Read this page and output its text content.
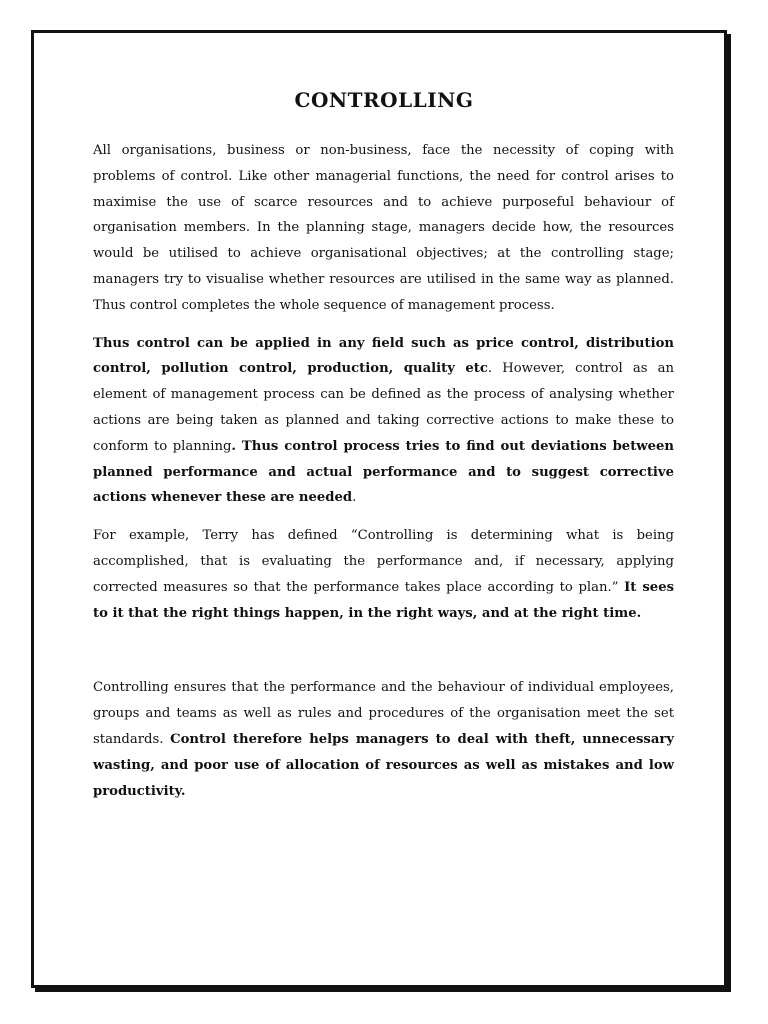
CONTROLLING

All organisations, business or non-business, face the necessity of coping with problems of control. Like other managerial functions, the need for control arises to maximise the use of scarce resources and to achieve purposeful behaviour of organisation members. In the planning stage, managers decide how, the resources would be utilised to achieve organisational objectives; at the controlling stage; managers try to visualise whether resources are utilised in the same way as planned. Thus control completes the whole sequence of management process.

Thus control can be applied in any field such as price control, distribution control, pollution control, production, quality etc. However, control as an element of management process can be defined as the process of analysing whether actions are being taken as planned and taking corrective actions to make these to conform to planning. Thus control process tries to find out deviations between planned performance and actual performance and to suggest corrective actions whenever these are needed.

For example, Terry has defined “Controlling is determining what is being accomplished, that is evaluating the performance and, if necessary, applying corrected measures so that the performance takes place according to plan.” It sees to it that the right things happen, in the right ways, and at the right time.

Controlling ensures that the performance and the behaviour of individual employees, groups and teams as well as rules and procedures of the organisation meet the set standards. Control therefore helps managers to deal with theft, unnecessary wasting, and poor use of allocation of resources as well as mistakes and low productivity.
